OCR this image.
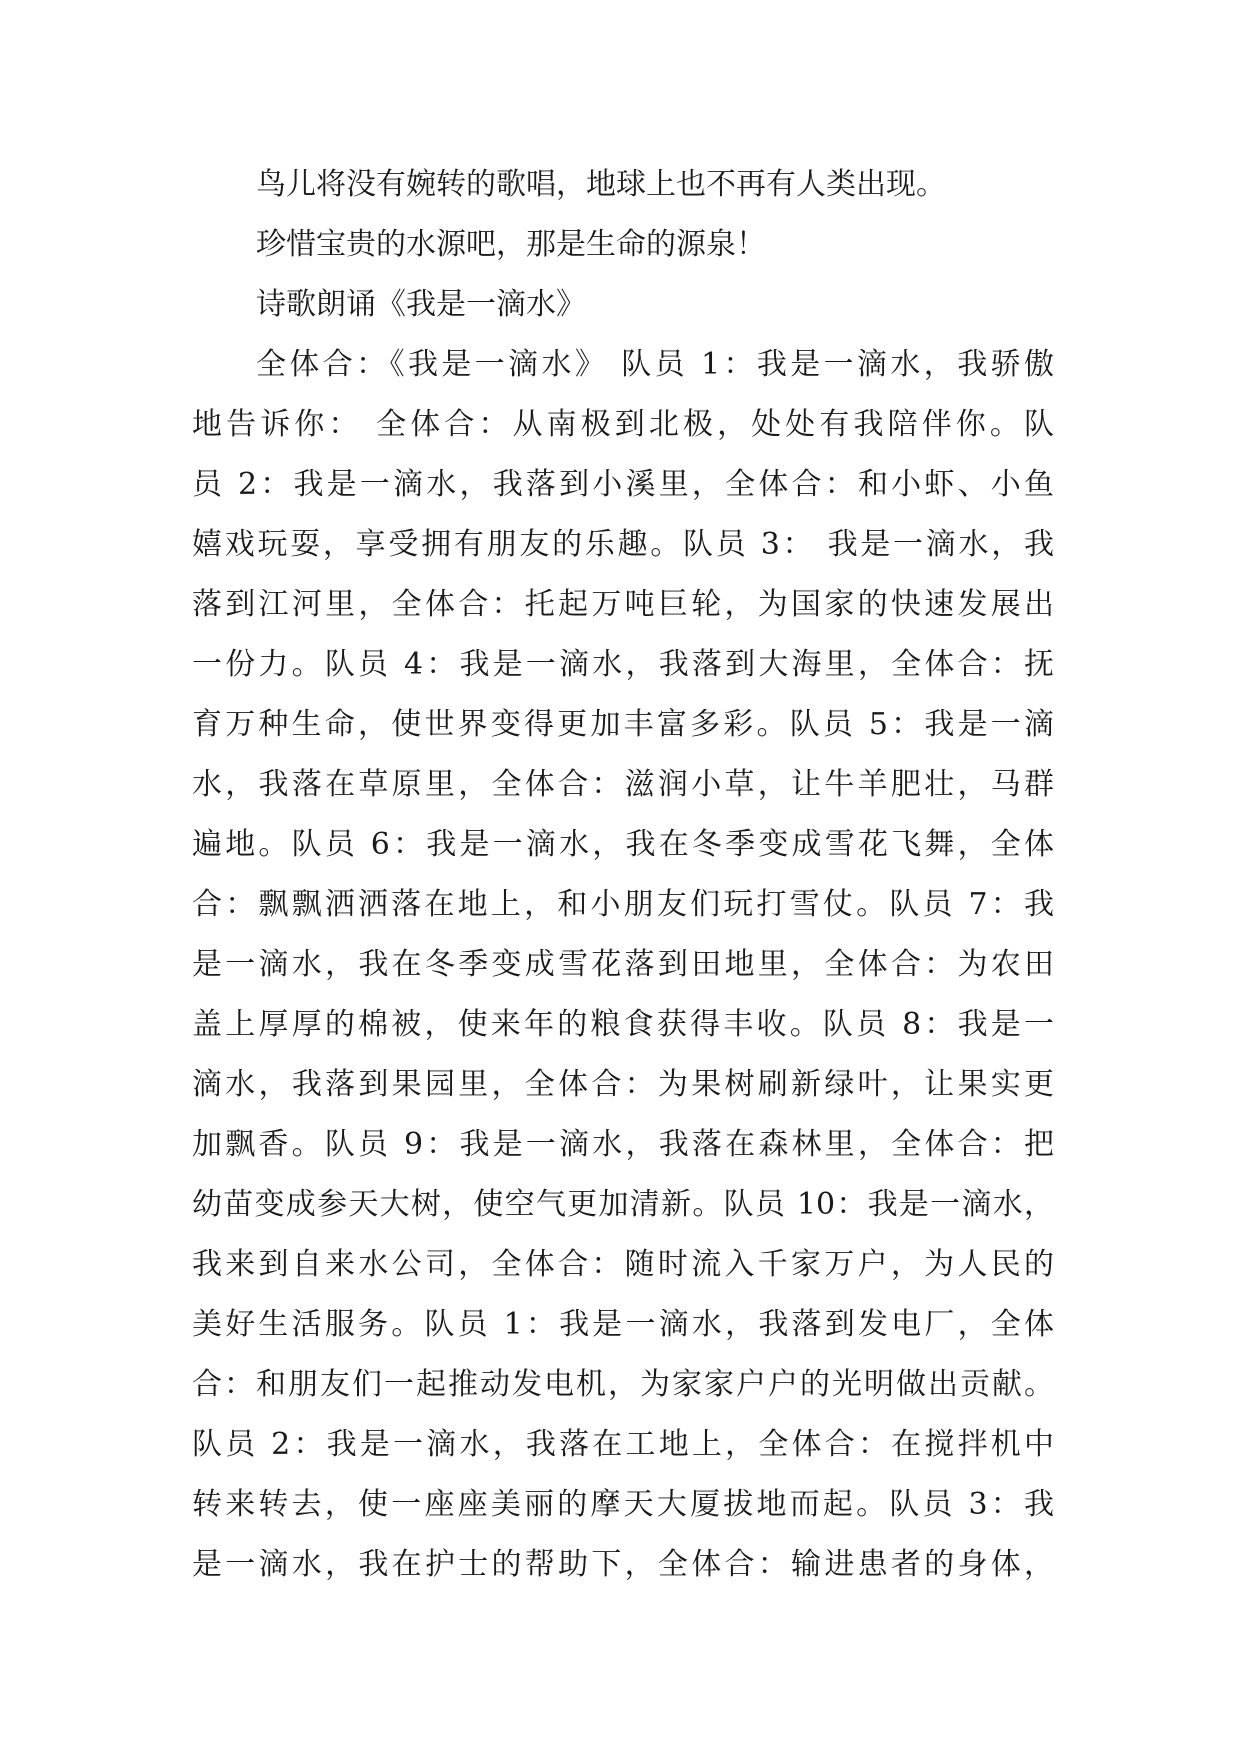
鸟儿将没有婉转的歌唱，地球上也不再有人类出现。
珍惜宝贵的水源吧，那是生命的源泉！
诗歌朗诵《我是一滴水》
全体合：《我是一滴水》 队员 1：我是一滴水，我骄傲
地告诉你： 全体合：从南极到北极，处处有我陪伴你。队
员 2：我是一滴水，我落到小溪里，全体合：和小虾、小鱼
嬉戏玩耍，享受拥有朋友的乐趣。队员 3： 我是一滴水，我
落到江河里，全体合：托起万吨巨轮，为国家的快速发展出
一份力。队员 4：我是一滴水，我落到大海里，全体合：抚
育万种生命，使世界变得更加丰富多彩。队员 5：我是一滴
水，我落在草原里，全体合：滋润小草，让牛羊肥壮，马群
遍地。队员 6：我是一滴水，我在冬季变成雪花飞舞，全体
合：飘飘洒洒落在地上，和小朋友们玩打雪仗。队员 7：我
是一滴水，我在冬季变成雪花落到田地里，全体合：为农田
盖上厚厚的棉被，使来年的粮食获得丰收。队员 8：我是一
滴水，我落到果园里，全体合：为果树刷新绿叶，让果实更
加飘香。队员 9：我是一滴水，我落在森林里，全体合：把
幼苗变成参天大树，使空气更加清新。队员 10：我是一滴水，
我来到自来水公司，全体合：随时流入千家万户，为人民的
美好生活服务。队员 1：我是一滴水，我落到发电厂，全体
合：和朋友们一起推动发电机，为家家户户的光明做出贡献。
队员 2：我是一滴水，我落在工地上，全体合：在搅拌机中
转来转去，使一座座美丽的摩天大厦拔地而起。队员 3：我
是一滴水，我在护士的帮助下，全体合：输进患者的身体，
